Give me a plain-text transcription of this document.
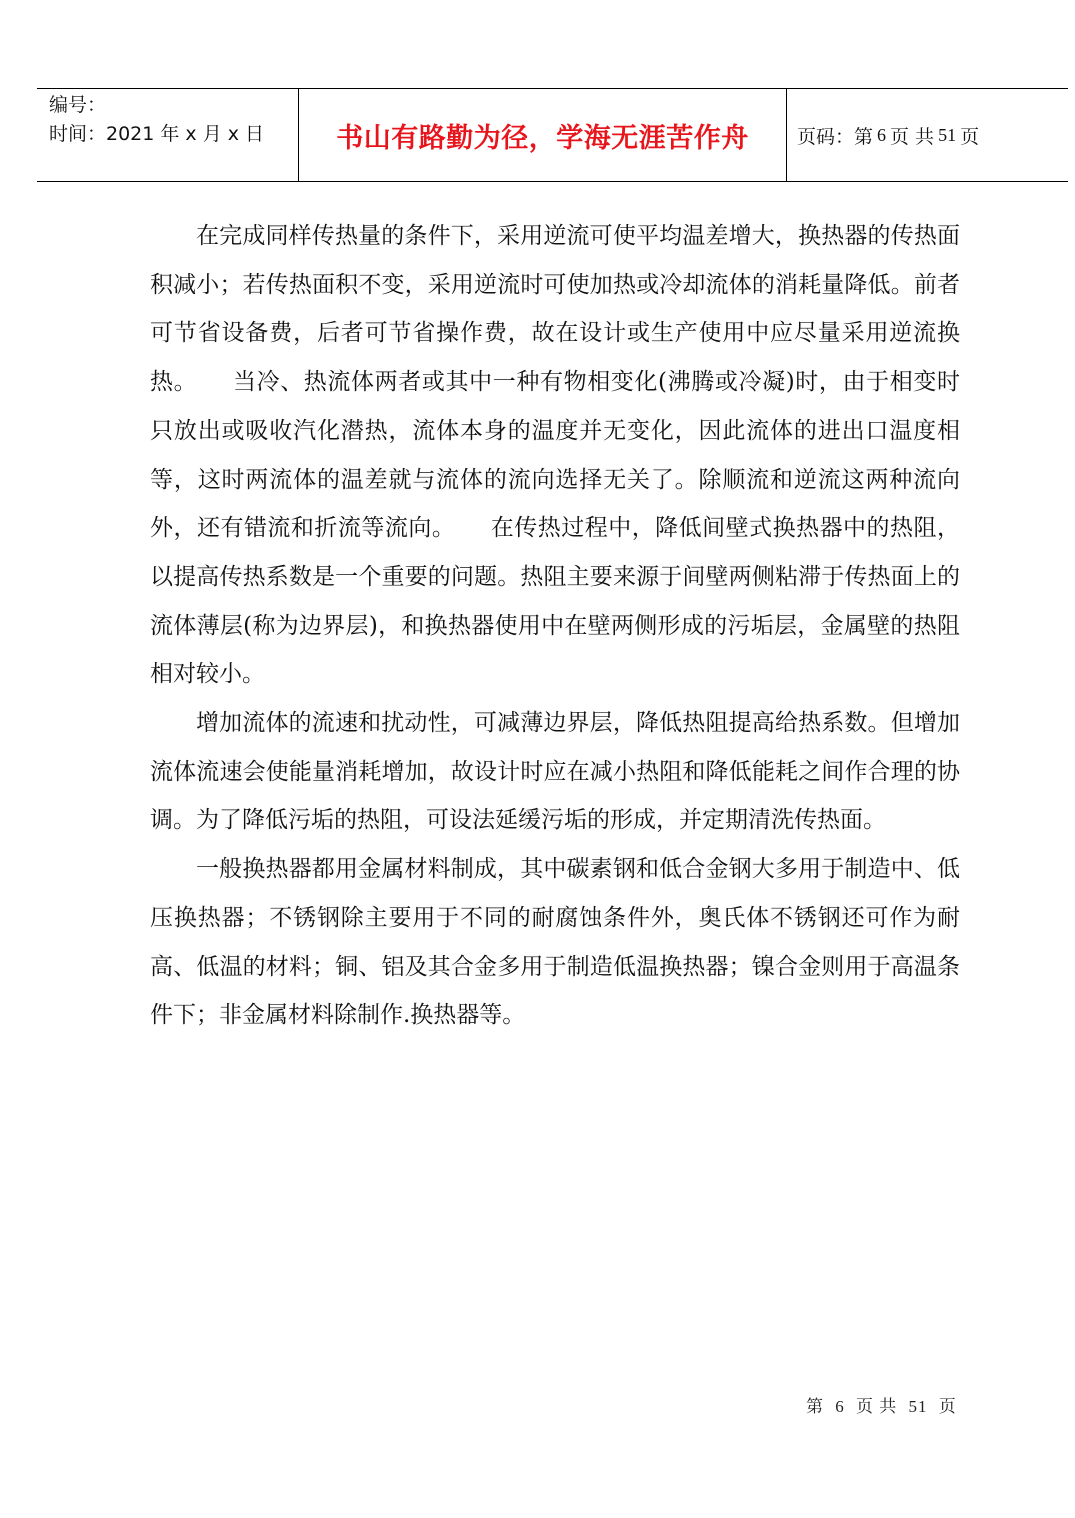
编号：
时间：2021 年 x 月 x 日	书山有路勤为径，学海无涯苦作舟	页码：第 6 页 共 51 页

在完成同样传热量的条件下，采用逆流可使平均温差增大，换热器的传热面积减小；若传热面积不变，采用逆流时可使加热或冷却流体的消耗量降低。前者可节省设备费，后者可节省操作费，故在设计或生产使用中应尽量采用逆流换热。　　当冷、热流体两者或其中一种有物相变化(沸腾或冷凝)时，由于相变时只放出或吸收汽化潜热，流体本身的温度并无变化，因此流体的进出口温度相等，这时两流体的温差就与流体的流向选择无关了。除顺流和逆流这两种流向外，还有错流和折流等流向。　　在传热过程中，降低间壁式换热器中的热阻，以提高传热系数是一个重要的问题。热阻主要来源于间壁两侧粘滞于传热面上的流体薄层(称为边界层)，和换热器使用中在壁两侧形成的污垢层，金属壁的热阻相对较小。

增加流体的流速和扰动性，可减薄边界层，降低热阻提高给热系数。但增加流体流速会使能量消耗增加，故设计时应在减小热阻和降低能耗之间作合理的协调。为了降低污垢的热阻，可设法延缓污垢的形成，并定期清洗传热面。

一般换热器都用金属材料制成，其中碳素钢和低合金钢大多用于制造中、低压换热器；不锈钢除主要用于不同的耐腐蚀条件外，奥氏体不锈钢还可作为耐高、低温的材料；铜、铝及其合金多用于制造低温换热器；镍合金则用于高温条件下；非金属材料除制作.换热器等。

第 6 页 共 51 页
